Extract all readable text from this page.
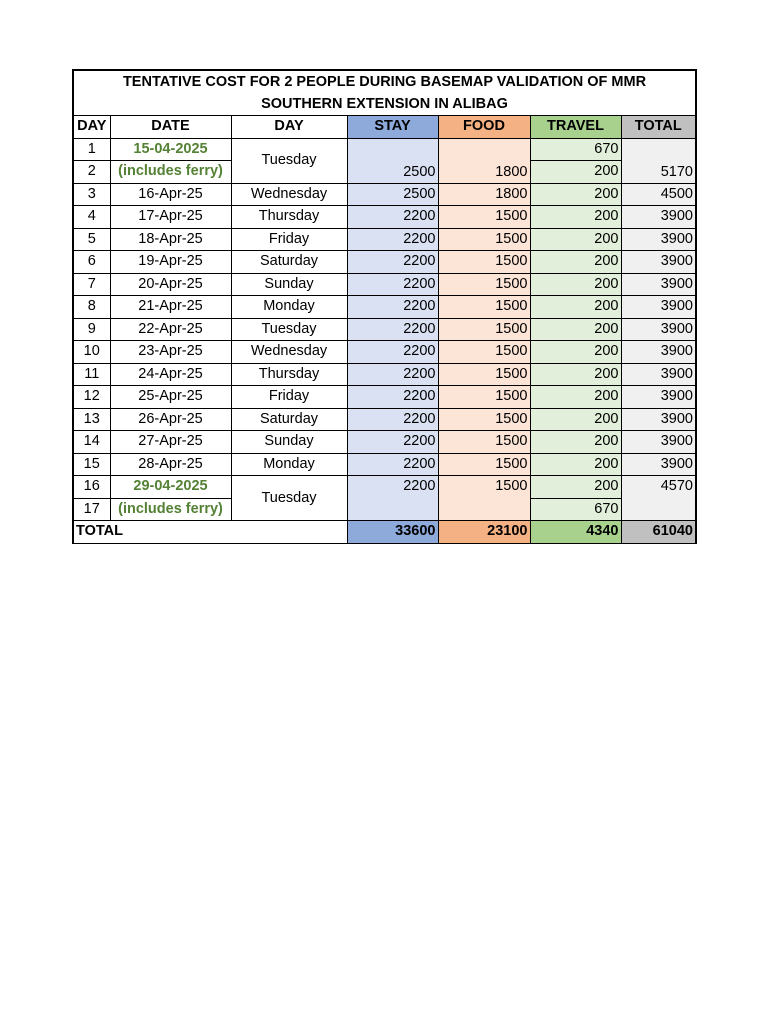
TENTATIVE COST FOR 2 PEOPLE DURING BASEMAP VALIDATION OF MMR SOUTHERN EXTENSION IN ALIBAG						
DAY	DATE	DAY	STAY	FOOD	TRAVEL	TOTAL
1	15-04-2025	Tuesday	2500	1800	670	5170
2	(includes ferry)				200	
3	16-Apr-25	Wednesday	2500	1800	200	4500
4	17-Apr-25	Thursday	2200	1500	200	3900
5	18-Apr-25	Friday	2200	1500	200	3900
6	19-Apr-25	Saturday	2200	1500	200	3900
7	20-Apr-25	Sunday	2200	1500	200	3900
8	21-Apr-25	Monday	2200	1500	200	3900
9	22-Apr-25	Tuesday	2200	1500	200	3900
10	23-Apr-25	Wednesday	2200	1500	200	3900
11	24-Apr-25	Thursday	2200	1500	200	3900
12	25-Apr-25	Friday	2200	1500	200	3900
13	26-Apr-25	Saturday	2200	1500	200	3900
14	27-Apr-25	Sunday	2200	1500	200	3900
15	28-Apr-25	Monday	2200	1500	200	3900
16	29-04-2025	Tuesday	2200	1500	200	4570
17	(includes ferry)				670	
TOTAL			33600	23100	4340	61040
